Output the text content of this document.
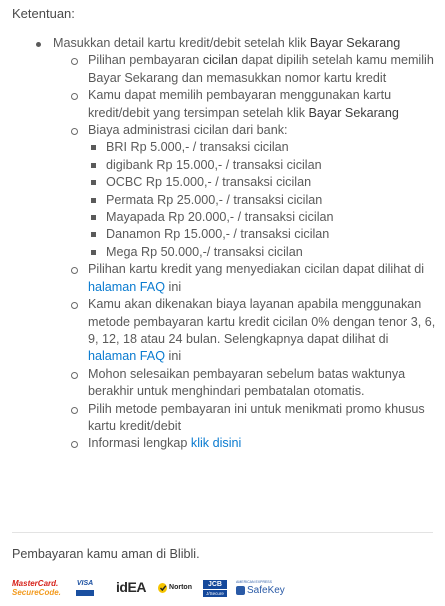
Ketentuan:
Masukkan detail kartu kredit/debit setelah klik Bayar Sekarang
Pilihan pembayaran cicilan dapat dipilih setelah kamu memilih Bayar Sekarang dan memasukkan nomor kartu kredit
Kamu dapat memilih pembayaran menggunakan kartu kredit/debit yang tersimpan setelah klik Bayar Sekarang
Biaya administrasi cicilan dari bank:
BRI Rp 5.000,- / transaksi cicilan
digibank Rp 15.000,- / transaksi cicilan
OCBC Rp 15.000,- / transaksi cicilan
Permata Rp 25.000,- / transaksi cicilan
Mayapada Rp 20.000,- / transaksi cicilan
Danamon Rp 15.000,- / transaksi cicilan
Mega Rp 50.000,-/ transaksi cicilan
Pilihan kartu kredit yang menyediakan cicilan dapat dilihat di halaman FAQ ini
Kamu akan dikenakan biaya layanan apabila menggunakan metode pembayaran kartu kredit cicilan 0% dengan tenor 3, 6, 9, 12, 18 atau 24 bulan. Selengkapnya dapat dilihat di halaman FAQ ini
Mohon selesaikan pembayaran sebelum batas waktunya berakhir untuk menghindari pembatalan otomatis.
Pilih metode pembayaran ini untuk menikmati promo khusus kartu kredit/debit
Informasi lengkap klik disini
Pembayaran kamu aman di Blibli.
MasterCard.
SecureCode.
VISA idEA	Norton
JCB
J/Secure
AMERICAN EXPRESS
SafeKey
